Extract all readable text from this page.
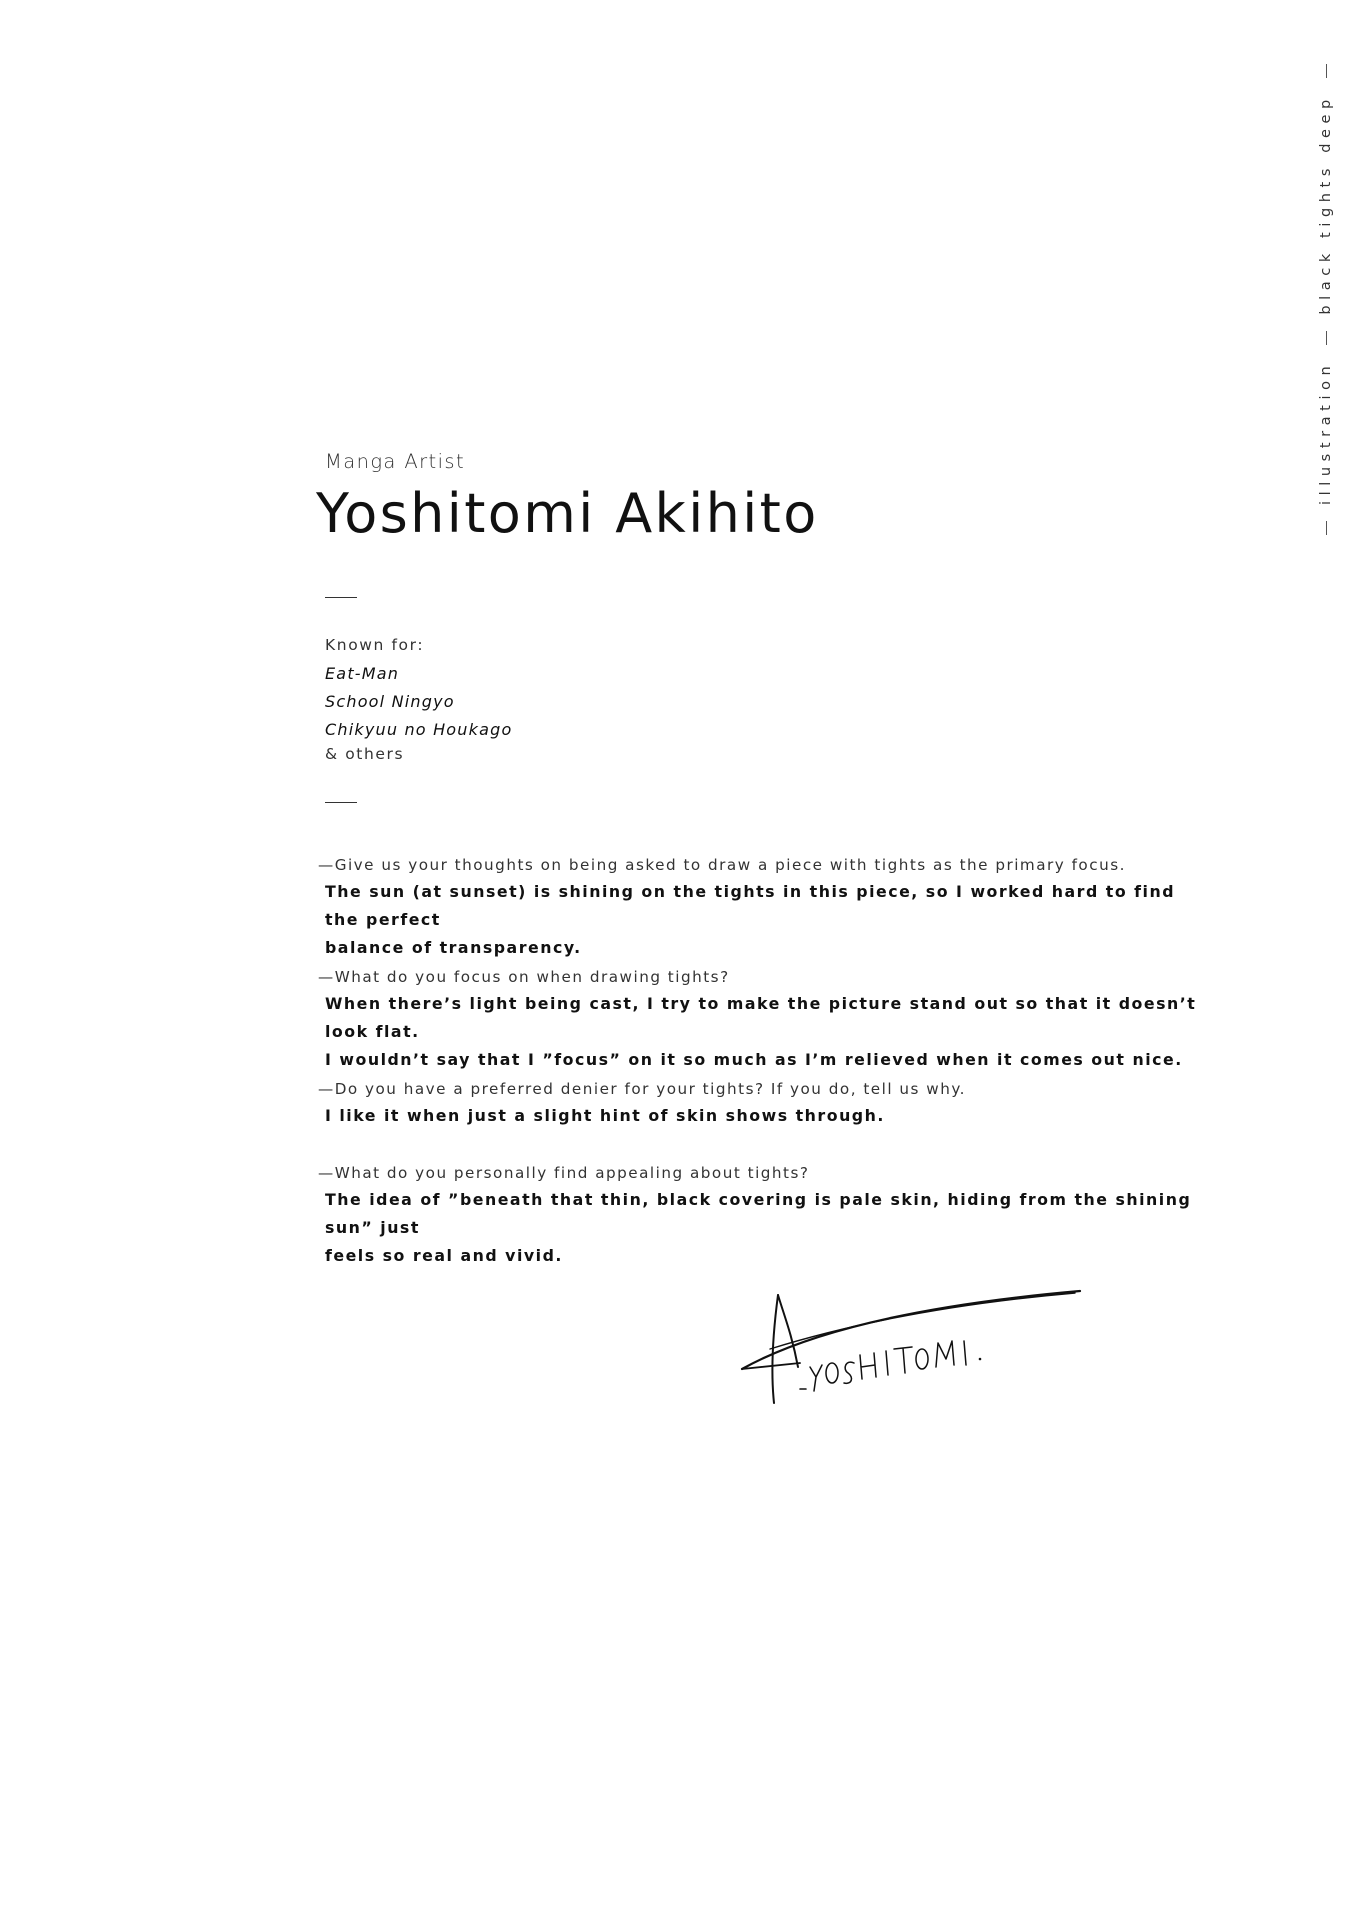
illustration
black tights deep
Manga Artist
Yoshitomi Akihito
Known for:
Eat-Man
School Ningyo
Chikyuu no Houkago
& others
—Give us your thoughts on being asked to draw a piece with tights as the primary focus.
The sun (at sunset) is shining on the tights in this piece, so I worked hard to find the perfect
balance of transparency.
—What do you focus on when drawing tights?
When there’s light being cast, I try to make the picture stand out so that it doesn’t look flat.
I wouldn’t say that I ”focus” on it so much as I’m relieved when it comes out nice.
—Do you have a preferred denier for your tights? If you do, tell us why.
I like it when just a slight hint of skin shows through.
—What do you personally find appealing about tights?
The idea of ”beneath that thin, black covering is pale skin, hiding from the shining sun” just
feels so real and vivid.
